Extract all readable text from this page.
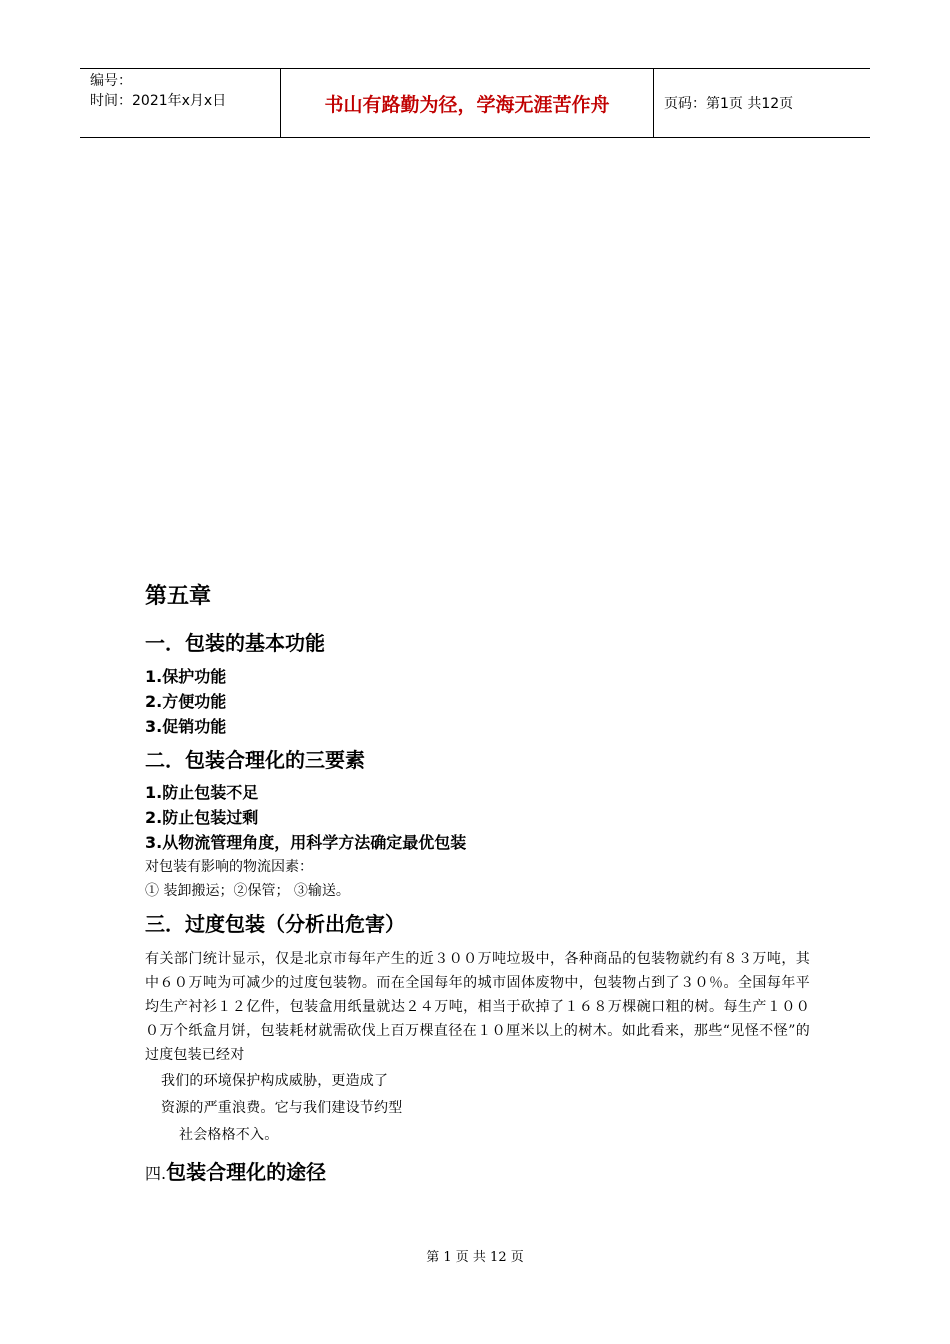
编号：
时间：2021年x月x日	书山有路勤为径，学海无涯苦作舟	页码：第1页 共12页

第五章

一．包装的基本功能

1.保护功能

2.方便功能

3.促销功能

二．包装合理化的三要素

1.防止包装不足

2.防止包装过剩

3.从物流管理角度，用科学方法确定最优包装

对包装有影响的物流因素：

① 装卸搬运；②保管； ③输送。

三．过度包装（分析出危害）

有关部门统计显示，仅是北京市每年产生的近３００万吨垃圾中，各种商品的包装物就约有８３万吨，其中６０万吨为可减少的过度包装物。而在全国每年的城市固体废物中，包装物占到了３０％。全国每年平均生产衬衫１２亿件，包装盒用纸量就达２４万吨，相当于砍掉了１６８万棵碗口粗的树。每生产１０００万个纸盒月饼，包装耗材就需砍伐上百万棵直径在１０厘米以上的树木。如此看来，那些“见怪不怪”的过度包装已经对

我们的环境保护构成威胁，更造成了

资源的严重浪费。它与我们建设节约型

社会格格不入。

四.包装合理化的途径

第 1 页 共 12 页
